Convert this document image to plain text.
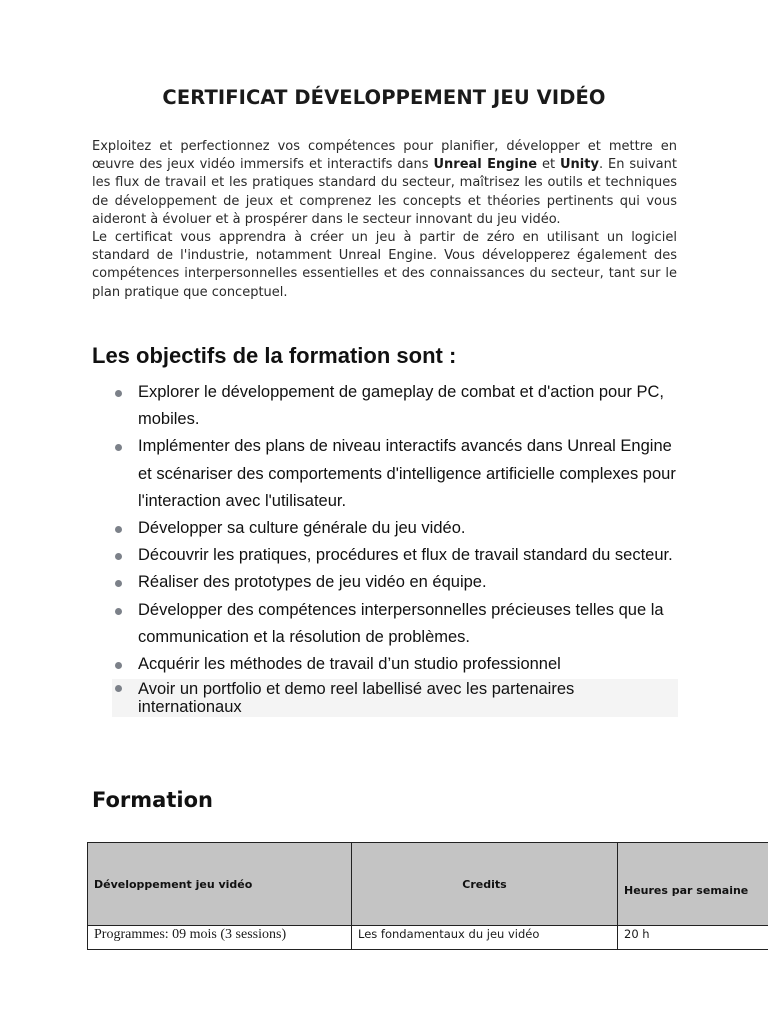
CERTIFICAT DÉVELOPPEMENT JEU VIDÉO

Exploitez et perfectionnez vos compétences pour planifier, développer et mettre en œuvre des jeux vidéo immersifs et interactifs dans Unreal Engine et Unity. En suivant les flux de travail et les pratiques standard du secteur, maîtrisez les outils et techniques de développement de jeux et comprenez les concepts et théories pertinents qui vous aideront à évoluer et à prospérer dans le secteur innovant du jeu vidéo.

Le certificat vous apprendra à créer un jeu à partir de zéro en utilisant un logiciel standard de l'industrie, notamment Unreal Engine. Vous développerez également des compétences interpersonnelles essentielles et des connaissances du secteur, tant sur le plan pratique que conceptuel.

Les objectifs de la formation sont :
Explorer le développement de gameplay de combat et d'action pour PC, mobiles.
Implémenter des plans de niveau interactifs avancés dans Unreal Engine et scénariser des comportements d'intelligence artificielle complexes pour l'interaction avec l'utilisateur.
Développer sa culture générale du jeu vidéo.
Découvrir les pratiques, procédures et flux de travail standard du secteur.
Réaliser des prototypes de jeu vidéo en équipe.
Développer des compétences interpersonnelles précieuses telles que la communication et la résolution de problèmes.
Acquérir les méthodes de travail d’un studio professionnel
Avoir un portfolio et demo reel labellisé avec les partenaires internationaux
Formation
Développement jeu vidéo	Credits	Heures par semaine
Programmes: 09 mois (3 sessions)	Les fondamentaux du jeu vidéo	20 h
